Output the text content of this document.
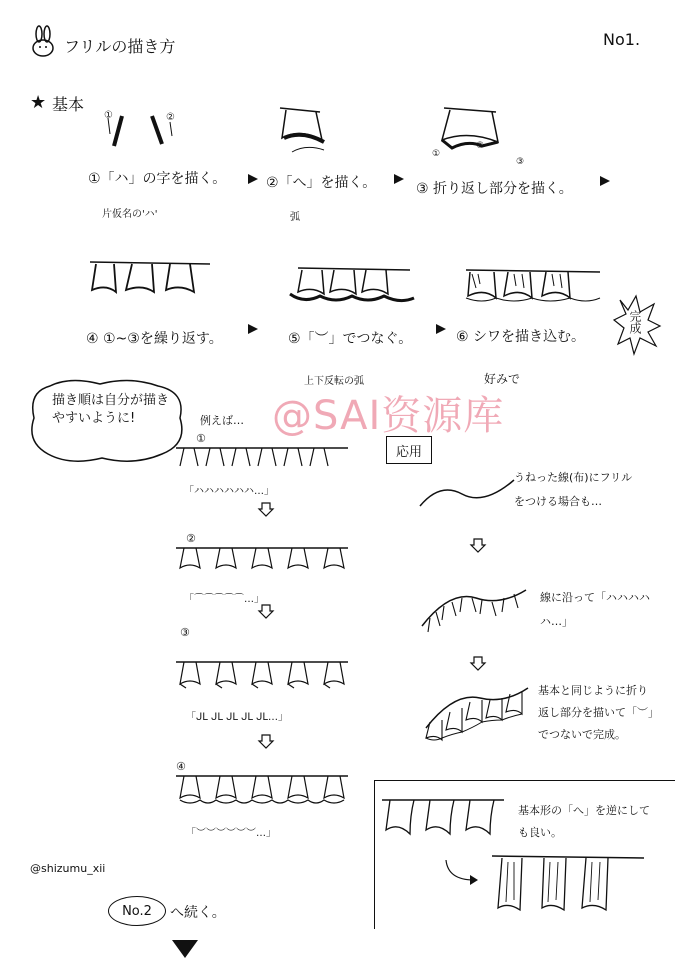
フリルの描き方	No1.
★ 基本
①	②
①
②
③
①「ハ」の字を描く。
片仮名の'ハ'
②「へ」を描く。
弧
③ 折り返し部分を描く。
完成
④ ①~③を繰り返す。	⑤「︶」でつなぐ。
上下反転の弧
⑥ シワを描き込む。
好みで
描き順は自分が描きやすいように!	@SAI资源库
例えば…
①
「ハハハハハハ…」
②
「⌒⌒⌒⌒⌒…」
③
「ᒍᒪ ᒍᒪ ᒍᒪ ᒍᒪ ᒍᒪ…」
④
「︶︶︶︶︶︶…」
応用
うねった線(布)にフリルをつける場合も…
線に沿って「ハハハハハ…」
基本と同じように折り返し部分を描いて「︶」でつないで完成。
基本形の「へ」を逆にしても良い。
@shizumu_xii
No.2	へ続く。
